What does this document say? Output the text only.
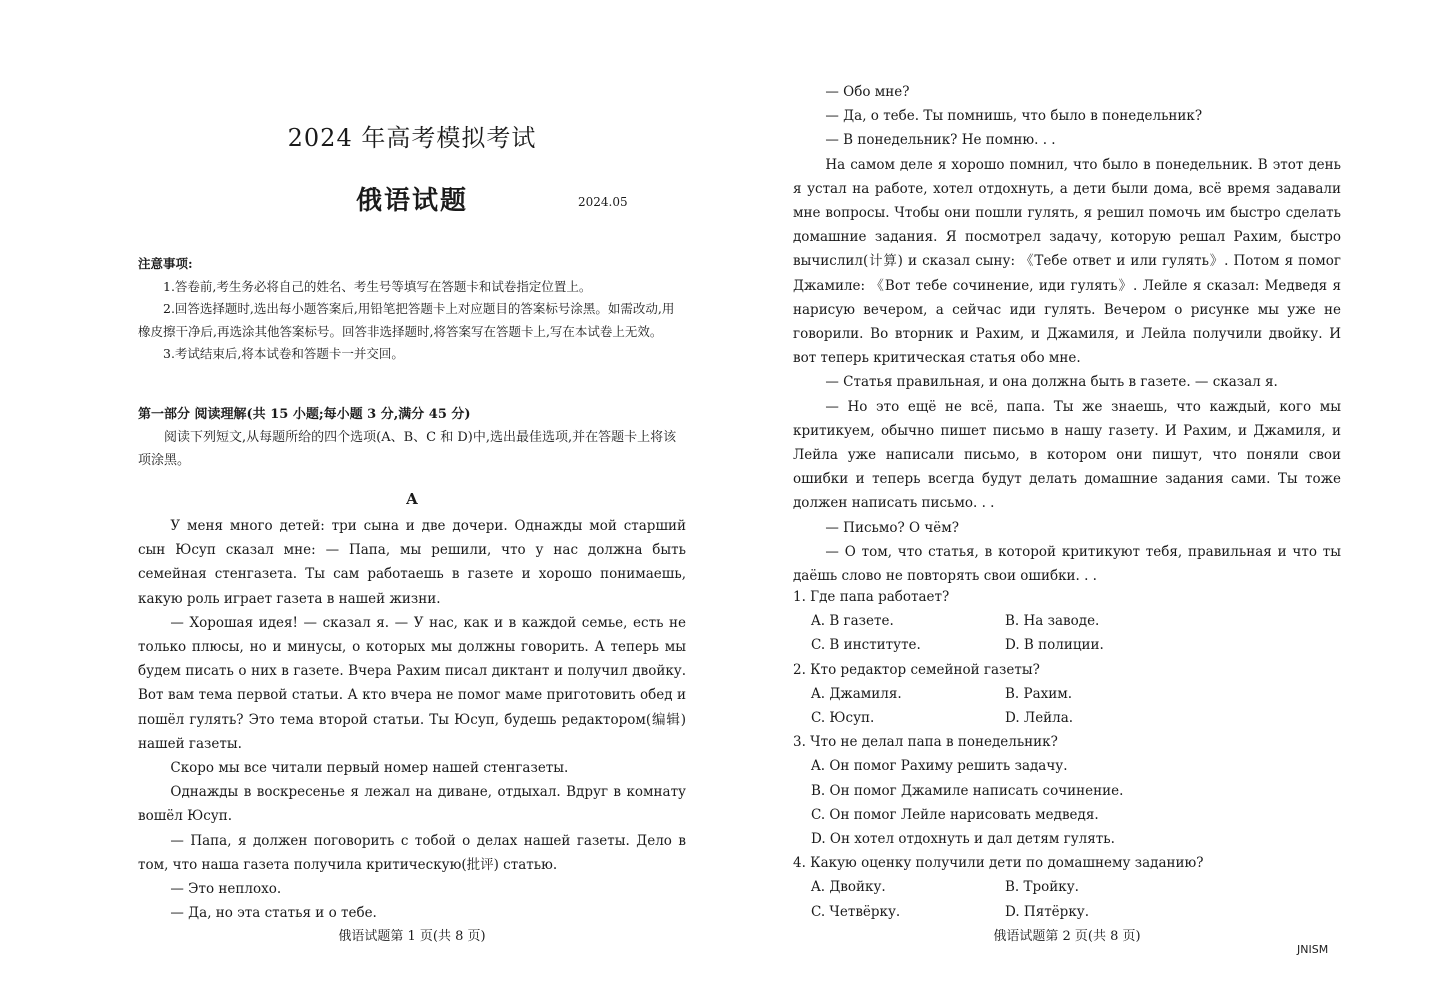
2024 年高考模拟考试
俄语试题	2024.05
注意事项:
1.答卷前,考生务必将自己的姓名、考生号等填写在答题卡和试卷指定位置上。
2.回答选择题时,选出每小题答案后,用铅笔把答题卡上对应题目的答案标号涂黑。如需改动,用橡皮擦干净后,再选涂其他答案标号。回答非选择题时,将答案写在答题卡上,写在本试卷上无效。
3.考试结束后,将本试卷和答题卡一并交回。
第一部分 阅读理解(共 15 小题;每小题 3 分,满分 45 分)
阅读下列短文,从每题所给的四个选项(A、B、C 和 D)中,选出最佳选项,并在答题卡上将该项涂黑。
A

У меня много детей: три сына и две дочери. Однажды мой старший сын Юсуп сказал мне: — Папа, мы решили, что у нас должна быть семейная стенгазета. Ты сам работаешь в газете и хорошо понимаешь, какую роль играет газета в нашей жизни.

— Хорошая идея! — сказал я. — У нас, как и в каждой семье, есть не только плюсы, но и минусы, о которых мы должны говорить. А теперь мы будем писать о них в газете. Вчера Рахим писал диктант и получил двойку. Вот вам тема первой статьи. А кто вчера не помог маме приготовить обед и пошёл гулять? Это тема второй статьи. Ты Юсуп, будешь редактором(编辑) нашей газеты.

Скоро мы все читали первый номер нашей стенгазеты.

Однажды в воскресенье я лежал на диване, отдыхал. Вдруг в комнату вошёл Юсуп.

— Папа, я должен поговорить с тобой о делах нашей газеты. Дело в том, что наша газета получила критическую(批评) статью.

— Это неплохо.

— Да, но эта статья и о тебе.

俄语试题第 1 页(共 8 页)

— Обо мне?

— Да, о тебе. Ты помнишь, что было в понедельник?

— В понедельник? Не помню. . .

На самом деле я хорошо помнил, что было в понедельник. В этот день я устал на работе, хотел отдохнуть, а дети были дома, всё время задавали мне вопросы. Чтобы они пошли гулять, я решил помочь им быстро сделать домашние задания. Я посмотрел задачу, которую решал Рахим, быстро вычислил(计算) и сказал сыну: 《Тебе ответ и или гулять》. Потом я помог Джамиле: 《Вот тебе сочинение, иди гулять》. Лейле я сказал: Медведя я нарисую вечером, а сейчас иди гулять. Вечером о рисунке мы уже не говорили. Во вторник и Рахим, и Джамиля, и Лейла получили двойку. И вот теперь критическая статья обо мне.

— Статья правильная, и она должна быть в газете. — сказал я.

— Но это ещё не всё, папа. Ты же знаешь, что каждый, кого мы критикуем, обычно пишет письмо в нашу газету. И Рахим, и Джамиля, и Лейла уже написали письмо, в котором они пишут, что поняли свои ошибки и теперь всегда будут делать домашние задания сами. Ты тоже должен написать письмо. . .

— Письмо? О чём?

— О том, что статья, в которой критикуют тебя, правильная и что ты даёшь слово не повторять свои ошибки. . .

1. Где папа работает?

A. В газете.	B. На заводе.
C. В институте.	D. В полиции.

2. Кто редактор семейной газеты?

A. Джамиля.	B. Рахим.
C. Юсуп.	D. Лейла.

3. Что не делал папа в понедельник?

A. Он помог Рахиму решить задачу.
B. Он помог Джамиле написать сочинение.
C. Он помог Лейле нарисовать медведя.
D. Он хотел отдохнуть и дал детям гулять.

4. Какую оценку получили дети по домашнему заданию?

A. Двойку.	B. Тройку.
C. Четвёрку.	D. Пятёрку.
俄语试题第 2 页(共 8 页)
JNISM
